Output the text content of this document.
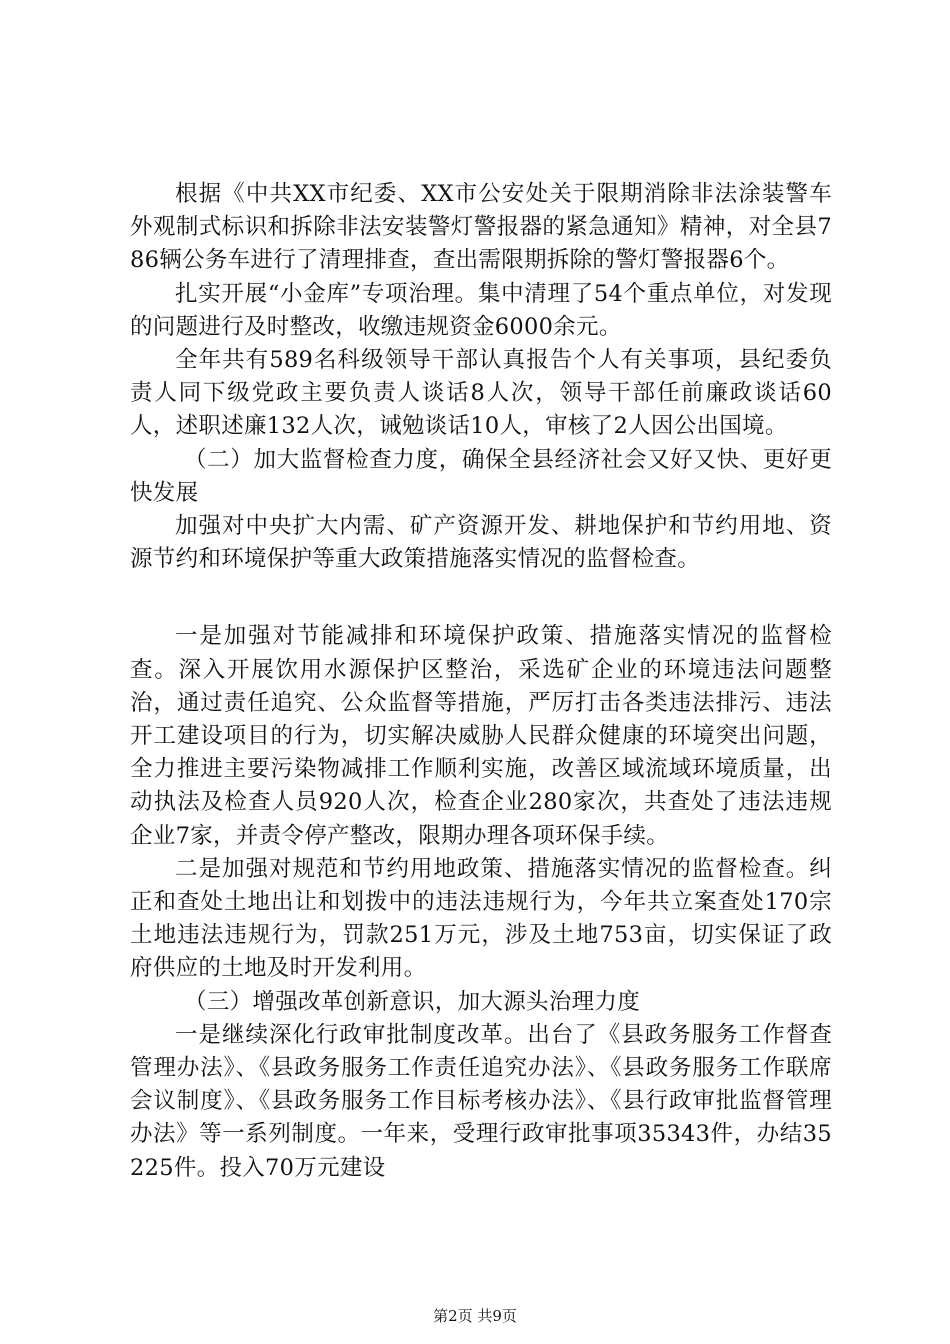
根据《中共XX市纪委、XX市公安处关于限期消除非法涂装警车外观制式标识和拆除非法安装警灯警报器的紧急通知》精神，对全县786辆公务车进行了清理排查，查出需限期拆除的警灯警报器6个。

扎实开展“小金库”专项治理。集中清理了54个重点单位，对发现的问题进行及时整改，收缴违规资金6000余元。

全年共有589名科级领导干部认真报告个人有关事项，县纪委负责人同下级党政主要负责人谈话8人次，领导干部任前廉政谈话60人，述职述廉132人次，诫勉谈话10人，审核了2人因公出国境。

（二）加大监督检查力度，确保全县经济社会又好又快、更好更快发展

加强对中央扩大内需、矿产资源开发、耕地保护和节约用地、资源节约和环境保护等重大政策措施落实情况的监督检查。

一是加强对节能减排和环境保护政策、措施落实情况的监督检查。深入开展饮用水源保护区整治，采选矿企业的环境违法问题整治，通过责任追究、公众监督等措施，严厉打击各类违法排污、违法开工建设项目的行为，切实解决威胁人民群众健康的环境突出问题，全力推进主要污染物减排工作顺利实施，改善区域流域环境质量，出动执法及检查人员920人次，检查企业280家次，共查处了违法违规企业7家，并责令停产整改，限期办理各项环保手续。

二是加强对规范和节约用地政策、措施落实情况的监督检查。纠正和查处土地出让和划拨中的违法违规行为，今年共立案查处170宗土地违法违规行为，罚款251万元，涉及土地753亩，切实保证了政府供应的土地及时开发利用。

（三）增强改革创新意识，加大源头治理力度

一是继续深化行政审批制度改革。出台了《县政务服务工作督查管理办法》、《县政务服务工作责任追究办法》、《县政务服务工作联席会议制度》、《县政务服务工作目标考核办法》、《县行政审批监督管理办法》等一系列制度。一年来，受理行政审批事项35343件，办结35225件。投入70万元建设

第2页 共9页
